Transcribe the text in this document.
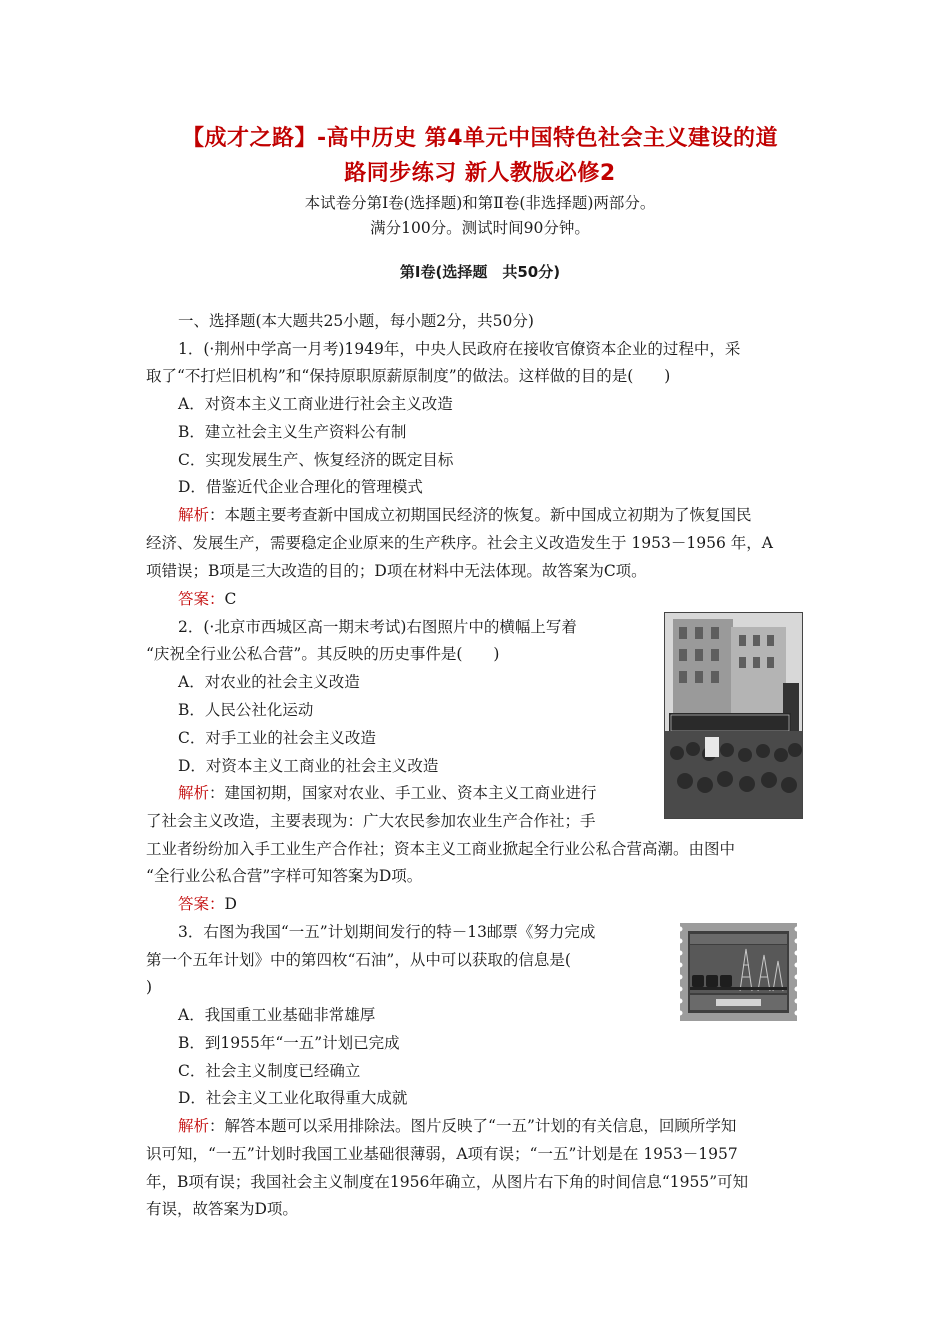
【成才之路】-高中历史 第4单元中国特色社会主义建设的道
路同步练习 新人教版必修2
本试卷分第Ⅰ卷(选择题)和第Ⅱ卷(非选择题)两部分。
满分100分。测试时间90分钟。
第Ⅰ卷(选择题　共50分)
一、选择题(本大题共25小题，每小题2分，共50分)
1．(·荆州中学高一月考)1949年，中央人民政府在接收官僚资本企业的过程中，采
取了“不打烂旧机构”和“保持原职原薪原制度”的做法。这样做的目的是(　　)
A．对资本主义工商业进行社会主义改造
B．建立社会主义生产资料公有制
C．实现发展生产、恢复经济的既定目标
D．借鉴近代企业合理化的管理模式
解析：本题主要考查新中国成立初期国民经济的恢复。新中国成立初期为了恢复国民
经济、发展生产，需要稳定企业原来的生产秩序。社会主义改造发生于 1953－1956 年，A
项错误；B项是三大改造的目的；D项在材料中无法体现。故答案为C项。
答案：C
2．(·北京市西城区高一期末考试)右图照片中的横幅上写着
“庆祝全行业公私合营”。其反映的历史事件是(　　)
A．对农业的社会主义改造
B．人民公社化运动
C．对手工业的社会主义改造
D．对资本主义工商业的社会主义改造
解析：建国初期，国家对农业、手工业、资本主义工商业进行
了社会主义改造，主要表现为：广大农民参加农业生产合作社；手
工业者纷纷加入手工业生产合作社；资本主义工商业掀起全行业公私合营高潮。由图中
“全行业公私合营”字样可知答案为D项。
答案：D
3．右图为我国“一五”计划期间发行的特－13邮票《努力完成
第一个五年计划》中的第四枚“石油”，从中可以获取的信息是(
)
A．我国重工业基础非常雄厚
B．到1955年“一五”计划已完成
C．社会主义制度已经确立
D．社会主义工业化取得重大成就
解析：解答本题可以采用排除法。图片反映了“一五”计划的有关信息，回顾所学知
识可知，“一五”计划时我国工业基础很薄弱，A项有误；“一五”计划是在 1953－1957
年，B项有误；我国社会主义制度在1956年确立，从图片右下角的时间信息“1955”可知
有误，故答案为D项。
